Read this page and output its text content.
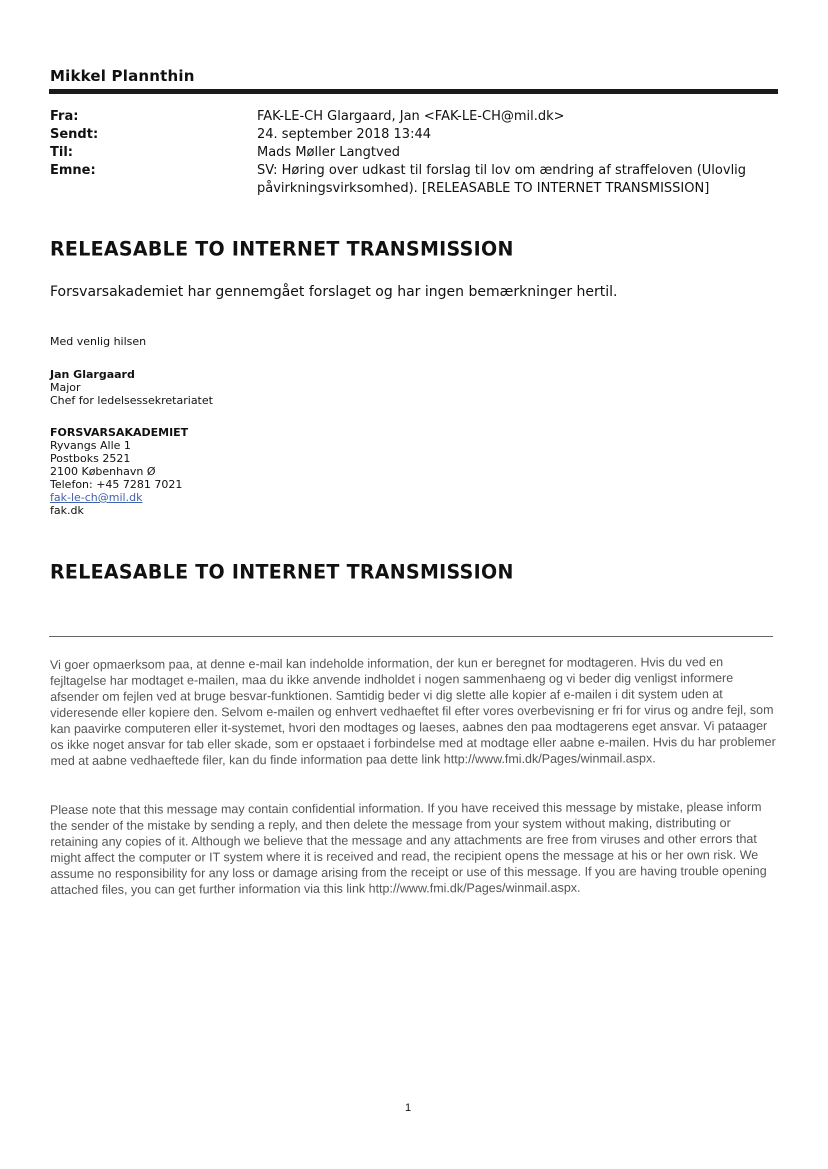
Mikkel Plannthin
Fra:	FAK-LE-CH Glargaard, Jan <FAK-LE-CH@mil.dk>
Sendt:	24. september 2018 13:44
Til:	Mads Møller Langtved
Emne:	SV: Høring over udkast til forslag til lov om ændring af straffeloven (Ulovlig påvirkningsvirksomhed). [RELEASABLE TO INTERNET TRANSMISSION]
RELEASABLE TO INTERNET TRANSMISSION
Forsvarsakademiet har gennemgået forslaget og har ingen bemærkninger hertil.
Med venlig hilsen
Jan Glargaard
Major
Chef for ledelsessekretariatet
FORSVARSAKADEMIET
Ryvangs Alle 1
Postboks 2521
2100 København Ø
Telefon: +45 7281 7021
fak-le-ch@mil.dk
fak.dk
RELEASABLE TO INTERNET TRANSMISSION
Vi goer opmaerksom paa, at denne e-mail kan indeholde information, der kun er beregnet for modtageren. Hvis du ved en fejltagelse har modtaget e-mailen, maa du ikke anvende indholdet i nogen sammenhaeng og vi beder dig venligst informere afsender om fejlen ved at bruge besvar-funktionen. Samtidig beder vi dig slette alle kopier af e-mailen i dit system uden at videresende eller kopiere den. Selvom e-mailen og enhvert vedhaeftet fil efter vores overbevisning er fri for virus og andre fejl, som kan paavirke computeren eller it-systemet, hvori den modtages og laeses, aabnes den paa modtagerens eget ansvar. Vi pataager os ikke noget ansvar for tab eller skade, som er opstaaet i forbindelse med at modtage eller aabne e-mailen. Hvis du har problemer med at aabne vedhaeftede filer, kan du finde information paa dette link http://www.fmi.dk/Pages/winmail.aspx.
Please note that this message may contain confidential information. If you have received this message by mistake, please inform the sender of the mistake by sending a reply, and then delete the message from your system without making, distributing or retaining any copies of it. Although we believe that the message and any attachments are free from viruses and other errors that might affect the computer or IT system where it is received and read, the recipient opens the message at his or her own risk. We assume no responsibility for any loss or damage arising from the receipt or use of this message. If you are having trouble opening attached files, you can get further information via this link http://www.fmi.dk/Pages/winmail.aspx.
1
